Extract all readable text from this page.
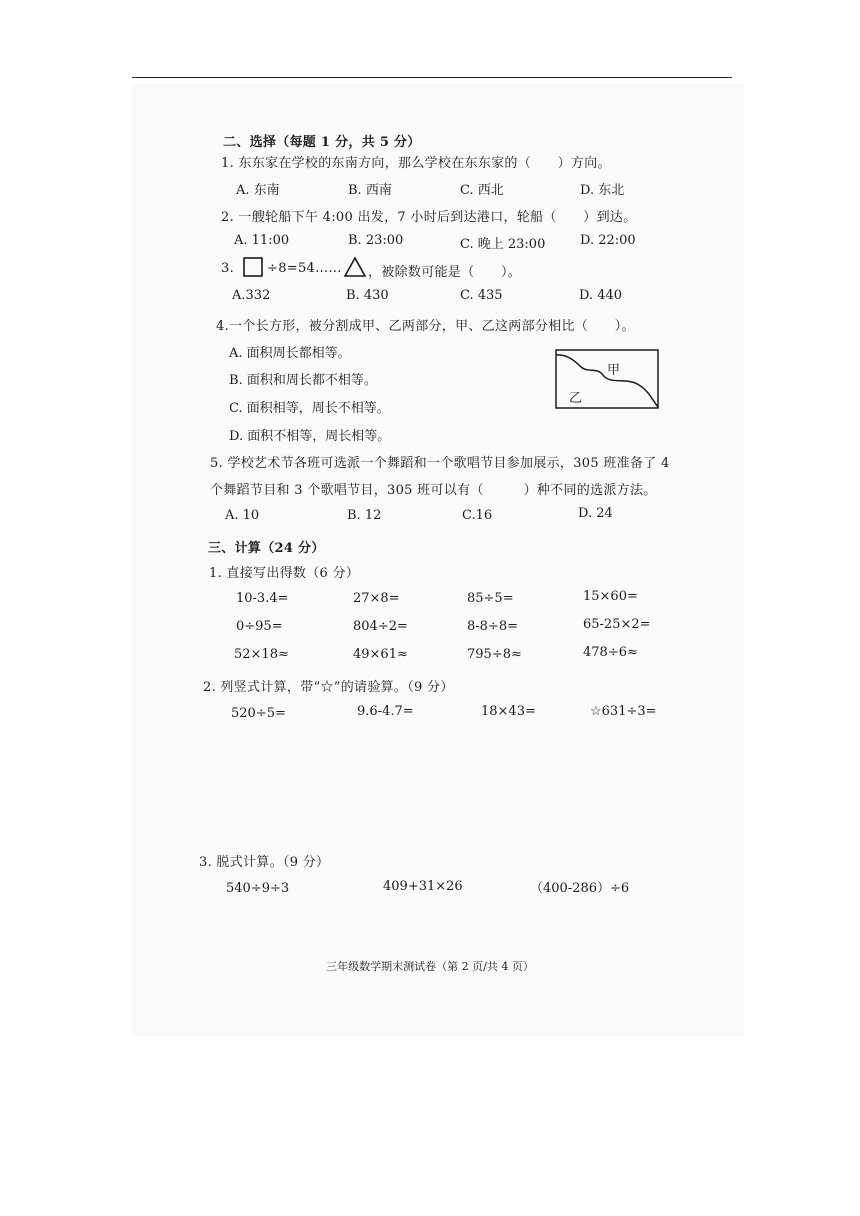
二、选择（每题 1 分，共 5 分）
1. 东东家在学校的东南方向，那么学校在东东家的（　　）方向。
A. 东南	B. 西南	C. 西北	D. 东北
2. 一艘轮船下午 4:00 出发，7 小时后到达港口，轮船（　　）到达。
A. 11:00	B. 23:00	C. 晚上 23:00	D. 22:00
3.	÷8=54…… ，被除数可能是（　　）。
A.332	B. 430	C. 435	D. 440
4.一个长方形，被分割成甲、乙两部分，甲、乙这两部分相比（　　）。
A. 面积周长都相等。
B. 面积和周长都不相等。
C. 面积相等，周长不相等。
D. 面积不相等，周长相等。
甲
乙
5. 学校艺术节各班可选派一个舞蹈和一个歌唱节目参加展示，305 班准备了 4
个舞蹈节目和 3 个歌唱节目，305 班可以有（　　　）种不同的选派方法。
A. 10	B. 12	C.16	D. 24
三、计算（24 分）
1. 直接写出得数（6 分）
10-3.4=	27×8=	85÷5=	15×60=
0÷95=	804÷2=	8-8÷8=	65-25×2=
52×18≈	49×61≈	795÷8≈	478÷6≈
2. 列竖式计算，带“☆”的请验算。（9 分）
520÷5=	9.6-4.7=	18×43=	☆631÷3=
3. 脱式计算。（9 分）
540÷9÷3	409+31×26	（400-286）÷6
三年级数学期末测试卷（第 2 页/共 4 页）
